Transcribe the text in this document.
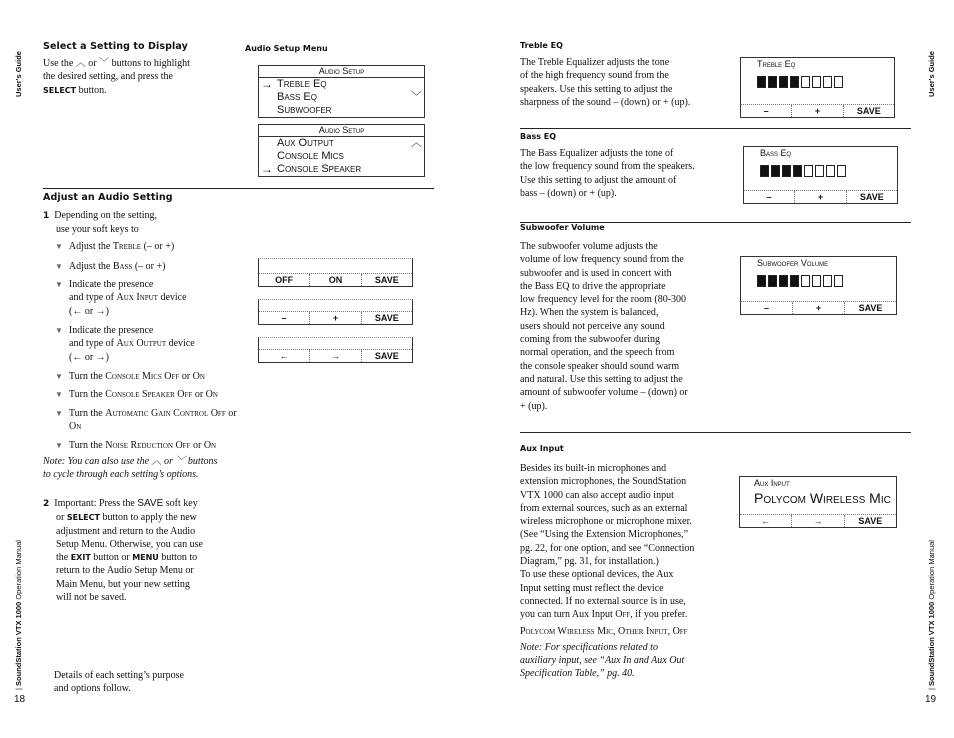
User's Guide
| SoundStation VTX 1000 Operation Manual
18
Select a Setting to Display
Use the ︿ or ﹀ buttons to highlight
the desired setting, and press the
SELECT button.
Audio Setup Menu
Audio Setup
→ Treble Eq
Bass Eq	﹀
Subwoofer
Audio Setup
Aux Output	︿
Console Mics
→ Console Speaker
Adjust an Audio Setting
1 Depending on the setting,
use your soft keys to
▼ Adjust the Treble (– or +)
▼ Adjust the Bass (– or +)
▼ Indicate the presence
and type of Aux Input device
(← or →)
▼ Indicate the presence
and type of Aux Output device
(← or →)
▼ Turn the Console Mics Off or On
▼ Turn the Console Speaker Off or On
▼ Turn the Automatic Gain Control Off or
On
▼ Turn the Noise Reduction Off or On
Note: You can also use the ︿ or ﹀ buttons
to cycle through each setting’s options.
OFF	ON	SAVE
–	+	SAVE
←	→	SAVE
2 Important: Press the SAVE soft key
or SELECT button to apply the new
adjustment and return to the Audio
Setup Menu. Otherwise, you can use
the EXIT button or MENU button to
return to the Audio Setup Menu or
Main Menu, but your new setting
will not be saved.
Details of each setting’s purpose
and options follow.
User's Guide
| SoundStation VTX 1000 Operation Manual
19
Treble EQ
The Treble Equalizer adjusts the tone
of the high frequency sound from the
speakers. Use this setting to adjust the
sharpness of the sound – (down) or + (up).
Treble Eq
–	+	SAVE
Bass EQ
The Bass Equalizer adjusts the tone of
the low frequency sound from the speakers.
Use this setting to adjust the amount of
bass – (down) or + (up).
Bass Eq
–	+	SAVE
Subwoofer Volume
The subwoofer volume adjusts the
volume of low frequency sound from the
subwoofer and is used in concert with
the Bass EQ to drive the appropriate
low frequency level for the room (80-300
Hz). When the system is balanced,
users should not perceive any sound
coming from the subwoofer during
normal operation, and the speech from
the console speaker should sound warm
and natural. Use this setting to adjust the
amount of subwoofer volume – (down) or
+ (up).
Subwoofer Volume
–	+	SAVE
Aux Input
Besides its built-in microphones and
extension microphones, the SoundStation
VTX 1000 can also accept audio input
from external sources, such as an external
wireless microphone or microphone mixer.
(See “Using the Extension Microphones,”
pg. 22, for one option, and see “Connection
Diagram,” pg. 31, for installation.)
To use these optional devices, the Aux
Input setting must reflect the device
connected. If no external source is in use,
you can turn Aux Input Off, if you prefer.
Polycom Wireless Mic, Other Input, Off
Note: For specifications related to
auxiliary input, see “Aux In and Aux Out
Specification Table,” pg. 40.
Aux Input
Polycom Wireless Mic
←	→	SAVE
